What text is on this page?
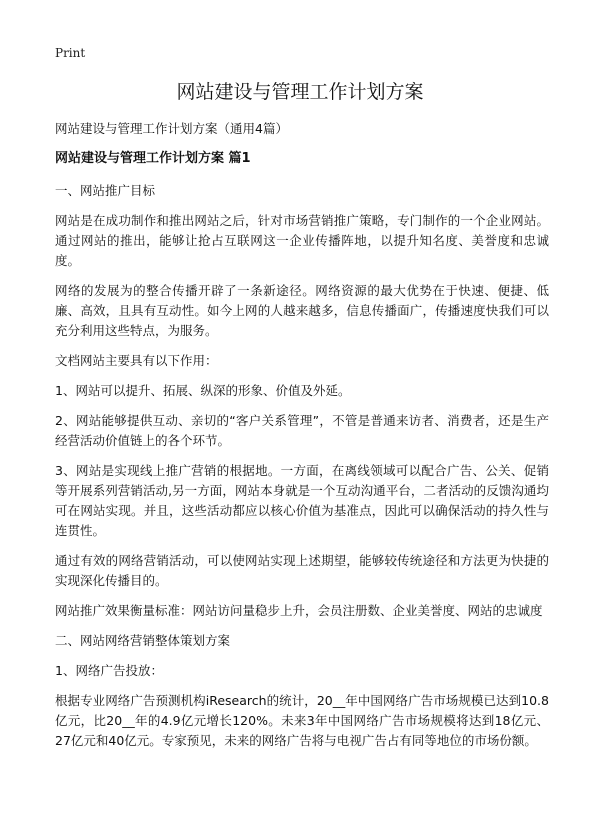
Print
网站建设与管理工作计划方案
网站建设与管理工作计划方案（通用4篇）
网站建设与管理工作计划方案 篇1

一、网站推广目标

网站是在成功制作和推出网站之后，针对市场营销推广策略，专门制作的一个企业网站。通过网站的推出，能够让抢占互联网这一企业传播阵地，以提升知名度、美誉度和忠诚度。

网络的发展为的整合传播开辟了一条新途径。网络资源的最大优势在于快速、便捷、低廉、高效，且具有互动性。如今上网的人越来越多，信息传播面广，传播速度快我们可以充分利用这些特点，为服务。

文档网站主要具有以下作用：

1、网站可以提升、拓展、纵深的形象、价值及外延。

2、网站能够提供互动、亲切的“客户关系管理”，不管是普通来访者、消费者，还是生产经营活动价值链上的各个环节。

3、网站是实现线上推广营销的根据地。一方面，在离线领域可以配合广告、公关、促销等开展系列营销活动,另一方面，网站本身就是一个互动沟通平台，二者活动的反馈沟通均可在网站实现。并且，这些活动都应以核心价值为基准点，因此可以确保活动的持久性与连贯性。

通过有效的网络营销活动，可以使网站实现上述期望，能够较传统途径和方法更为快捷的实现深化传播目的。

网站推广效果衡量标准：网站访问量稳步上升，会员注册数、企业美誉度、网站的忠诚度

二、网站网络营销整体策划方案

1、网络广告投放：

根据专业网络广告预测机构iResearch的统计，20__年中国网络广告市场规模已达到10.8亿元，比20__年的4.9亿元增长120%。未来3年中国网络广告市场规模将达到18亿元、27亿元和40亿元。专家预见，未来的网络广告将与电视广告占有同等地位的市场份额。
